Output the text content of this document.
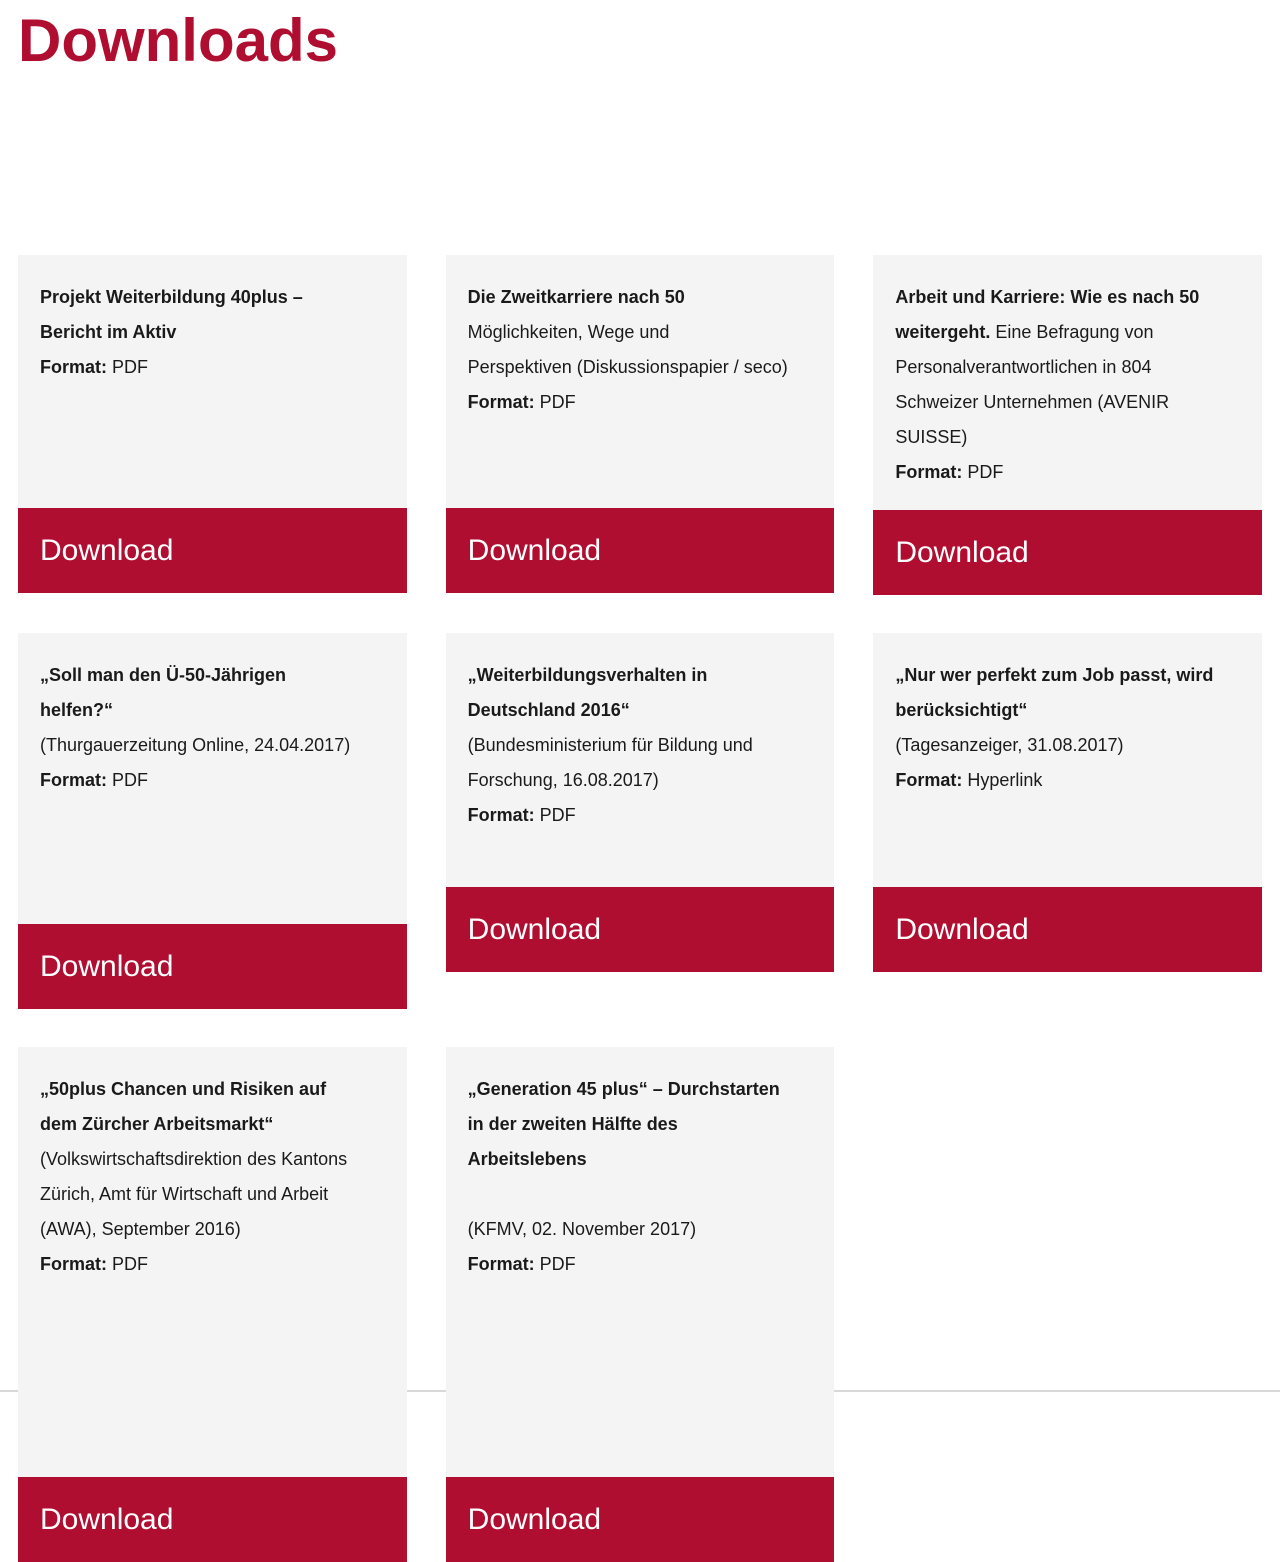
Downloads

Projekt Weiterbildung 40plus –

Bericht im Aktiv

Format: PDF

Download

Die Zweitkarriere nach 50

Möglichkeiten, Wege und

Perspektiven (Diskussionspapier / seco)

Format: PDF

Download

Arbeit und Karriere: Wie es nach 50

weitergeht. Eine Befragung von

Personalverantwortlichen in 804

Schweizer Unternehmen (AVENIR

SUISSE)

Format: PDF

Download

„Soll man den Ü-50-Jährigen

helfen?“

(Thurgauerzeitung Online, 24.04.2017)

Format: PDF

Download

„Weiterbildungsverhalten in

Deutschland 2016“

(Bundesministerium für Bildung und

Forschung, 16.08.2017)

Format: PDF

Download

„Nur wer perfekt zum Job passt, wird

berücksichtigt“

(Tagesanzeiger, 31.08.2017)

Format: Hyperlink

Download

„50plus Chancen und Risiken auf

dem Zürcher Arbeitsmarkt“

(Volkswirtschaftsdirektion des Kantons

Zürich, Amt für Wirtschaft und Arbeit

(AWA), September 2016)

Format: PDF

Download

„Generation 45 plus“ – Durchstarten

in der zweiten Hälfte des

Arbeitslebens

(KFMV, 02. November 2017)

Format: PDF

Download
